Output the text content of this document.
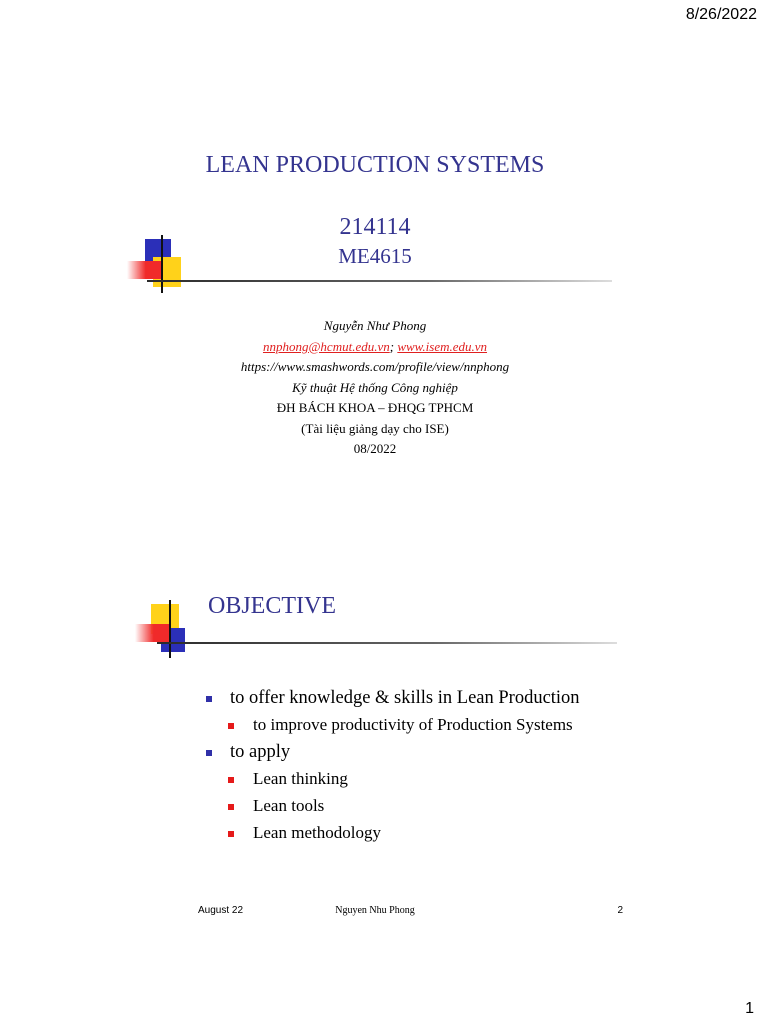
8/26/2022
LEAN PRODUCTION SYSTEMS
214114
ME4615
Nguyễn Như Phong
nnphong@hcmut.edu.vn; www.isem.edu.vn
https://www.smashwords.com/profile/view/nnphong
Kỹ thuật Hệ thống Công nghiệp
ĐH BÁCH KHOA – ĐHQG TPHCM
(Tài liệu giảng dạy cho ISE)
08/2022
OBJECTIVE
to offer knowledge & skills in Lean Production
to improve productivity of Production Systems
to apply
Lean thinking
Lean tools
Lean methodology
August 22	Nguyen Nhu Phong	2
1
